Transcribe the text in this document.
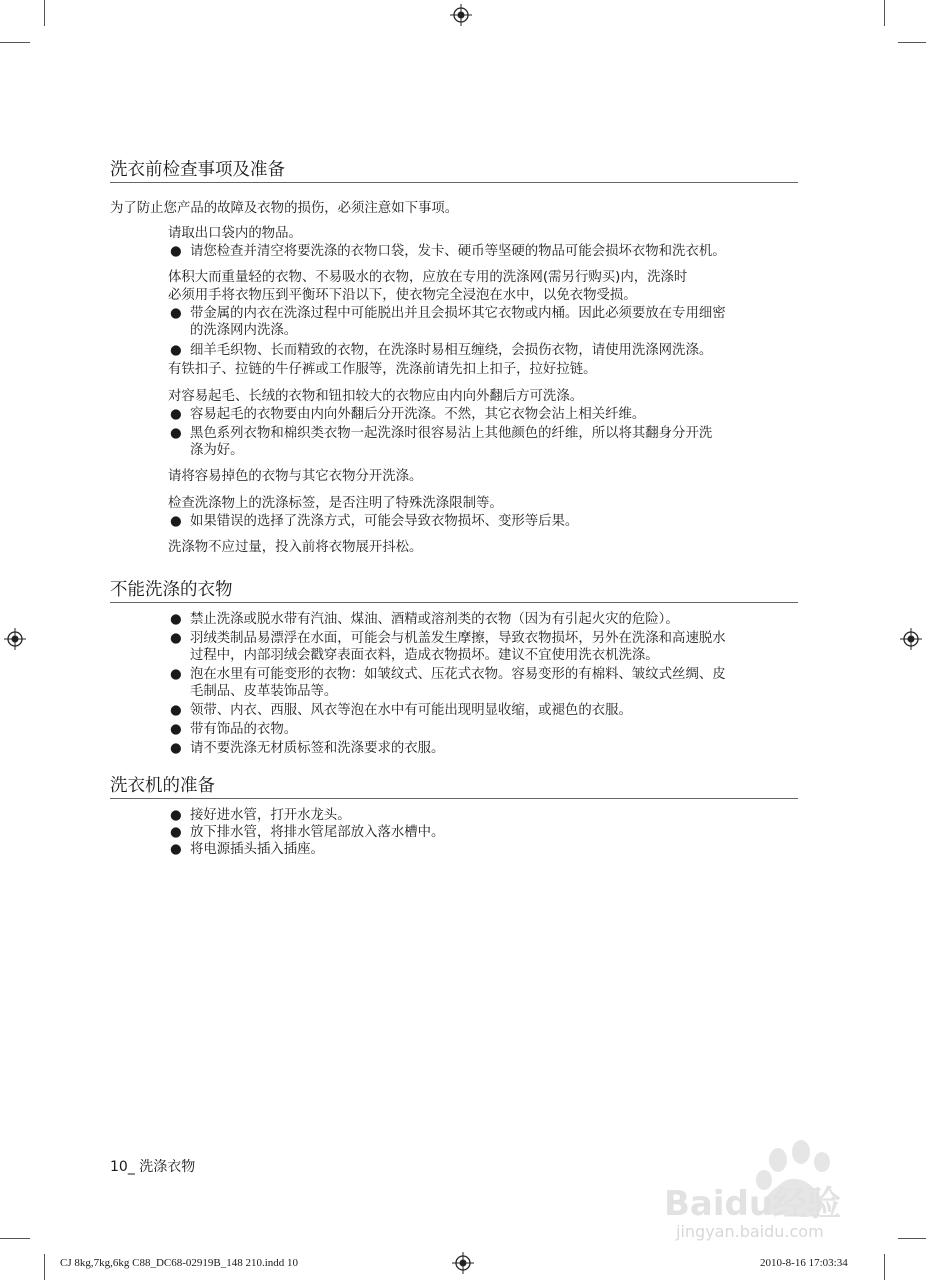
洗衣前检查事项及准备
为了防止您产品的故障及衣物的损伤，必须注意如下事项。
请取出口袋内的物品。
● 请您检查并清空将要洗涤的衣物口袋，发卡、硬币等坚硬的物品可能会损坏衣物和洗衣机。
体积大而重量轻的衣物、不易吸水的衣物，应放在专用的洗涤网(需另行购买)内，洗涤时
必须用手将衣物压到平衡环下沿以下，使衣物完全浸泡在水中，以免衣物受损。
● 带金属的内衣在洗涤过程中可能脱出并且会损坏其它衣物或内桶。因此必须要放在专用细密
的洗涤网内洗涤。
● 细羊毛织物、长而精致的衣物，在洗涤时易相互缠绕，会损伤衣物，请使用洗涤网洗涤。
有铁扣子、拉链的牛仔裤或工作服等，洗涤前请先扣上扣子，拉好拉链。
对容易起毛、长绒的衣物和钮扣较大的衣物应由内向外翻后方可洗涤。
● 容易起毛的衣物要由内向外翻后分开洗涤。不然，其它衣物会沾上相关纤维。
● 黑色系列衣物和棉织类衣物一起洗涤时很容易沾上其他颜色的纤维，所以将其翻身分开洗
涤为好。
请将容易掉色的衣物与其它衣物分开洗涤。
检查洗涤物上的洗涤标签，是否注明了特殊洗涤限制等。
● 如果错误的选择了洗涤方式，可能会导致衣物损坏、变形等后果。
洗涤物不应过量，投入前将衣物展开抖松。
不能洗涤的衣物
● 禁止洗涤或脱水带有汽油、煤油、酒精或溶剂类的衣物（因为有引起火灾的危险）。
● 羽绒类制品易漂浮在水面，可能会与机盖发生摩擦，导致衣物损坏，另外在洗涤和高速脱水
过程中，内部羽绒会戳穿表面衣料，造成衣物损坏。建议不宜使用洗衣机洗涤。
● 泡在水里有可能变形的衣物：如皱纹式、压花式衣物。容易变形的有棉料、皱纹式丝绸、皮
毛制品、皮革装饰品等。
● 领带、内衣、西服、风衣等泡在水中有可能出现明显收缩，或褪色的衣服。
● 带有饰品的衣物。
● 请不要洗涤无材质标签和洗涤要求的衣服。
洗衣机的准备
● 接好进水管，打开水龙头。
● 放下排水管，将排水管尾部放入落水槽中。
● 将电源插头插入插座。
10_ 洗涤衣物
CJ 8kg,7kg,6kg C88_DC68-02919B_148 210.indd 10	2010-8-16 17:03:34
Baidu经验
jingyan.baidu.com
